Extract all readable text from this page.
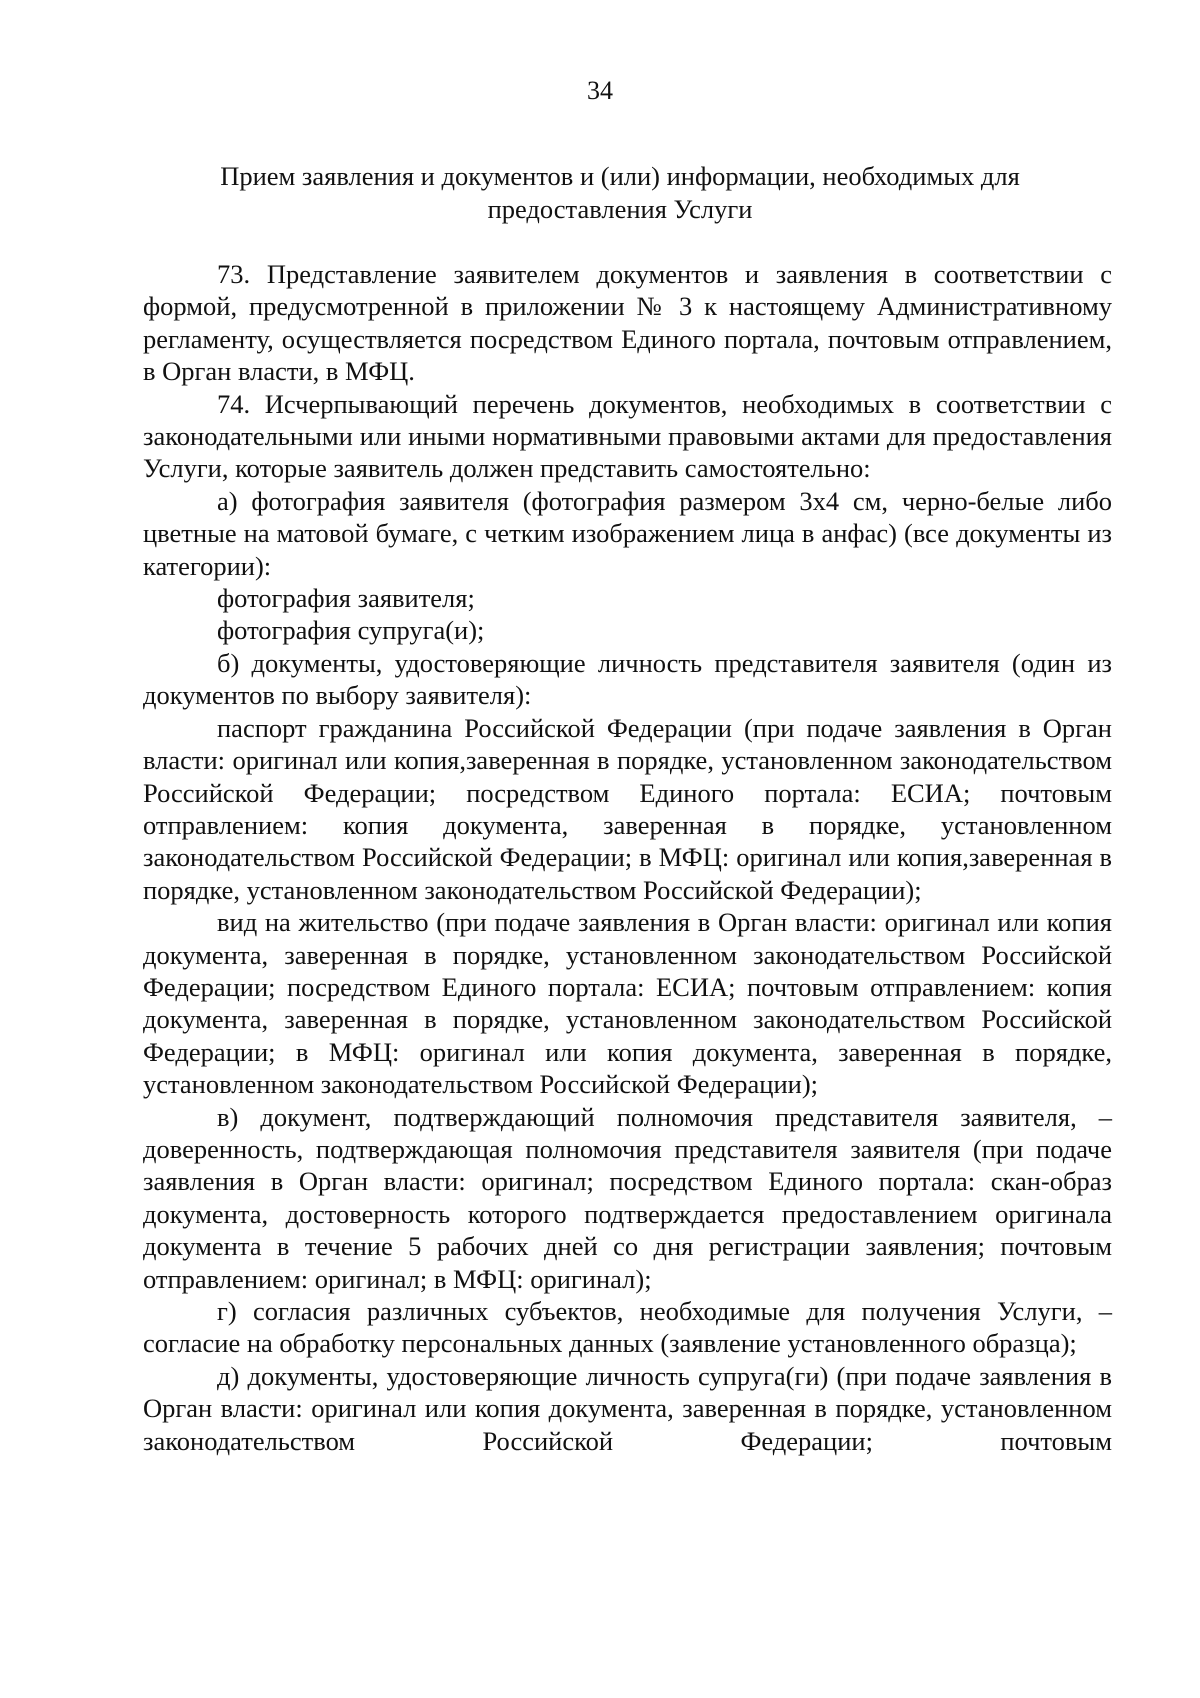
34
Прием заявления и документов и (или) информации, необходимых для
предоставления Услуги

73. Представление заявителем документов и заявления в соответствии с формой, предусмотренной в приложении № 3 к настоящему Административному регламенту, осуществляется посредством Единого портала, почтовым отправлением, в Орган власти, в МФЦ.

74. Исчерпывающий перечень документов, необходимых в соответствии с законодательными или иными нормативными правовыми актами для предоставления Услуги, которые заявитель должен представить самостоятельно:

а) фотография заявителя (фотография размером 3х4 см, черно-белые либо цветные на матовой бумаге, с четким изображением лица в анфас) (все документы из категории):

фотография заявителя;

фотография супруга(и);

б) документы, удостоверяющие личность представителя заявителя (один из документов по выбору заявителя):

паспорт гражданина Российской Федерации (при подаче заявления в Орган власти: оригинал или копия,заверенная в порядке, установленном законодательством Российской Федерации; посредством Единого портала: ЕСИА; почтовым отправлением: копия документа, заверенная в порядке, установленном законодательством Российской Федерации; в МФЦ: оригинал или копия,заверенная в порядке, установленном законодательством Российской Федерации);

вид на жительство (при подаче заявления в Орган власти: оригинал или копия документа, заверенная в порядке, установленном законодательством Российской Федерации; посредством Единого портала: ЕСИА; почтовым отправлением: копия документа, заверенная в порядке, установленном законодательством Российской Федерации; в МФЦ: оригинал или копия документа, заверенная в порядке, установленном законодательством Российской Федерации);

в) документ, подтверждающий полномочия представителя заявителя, – доверенность, подтверждающая полномочия представителя заявителя (при подаче заявления в Орган власти: оригинал; посредством Единого портала: скан-образ документа, достоверность которого подтверждается предоставлением оригинала документа в течение 5 рабочих дней со дня регистрации заявления; почтовым отправлением: оригинал; в МФЦ: оригинал);

г) согласия различных субъектов, необходимые для получения Услуги, – согласие на обработку персональных данных (заявление установленного образца);

д) документы, удостоверяющие личность супруга(ги) (при подаче заявления в Орган власти: оригинал или копия документа, заверенная в порядке, установленном законодательством Российской Федерации; почтовым
